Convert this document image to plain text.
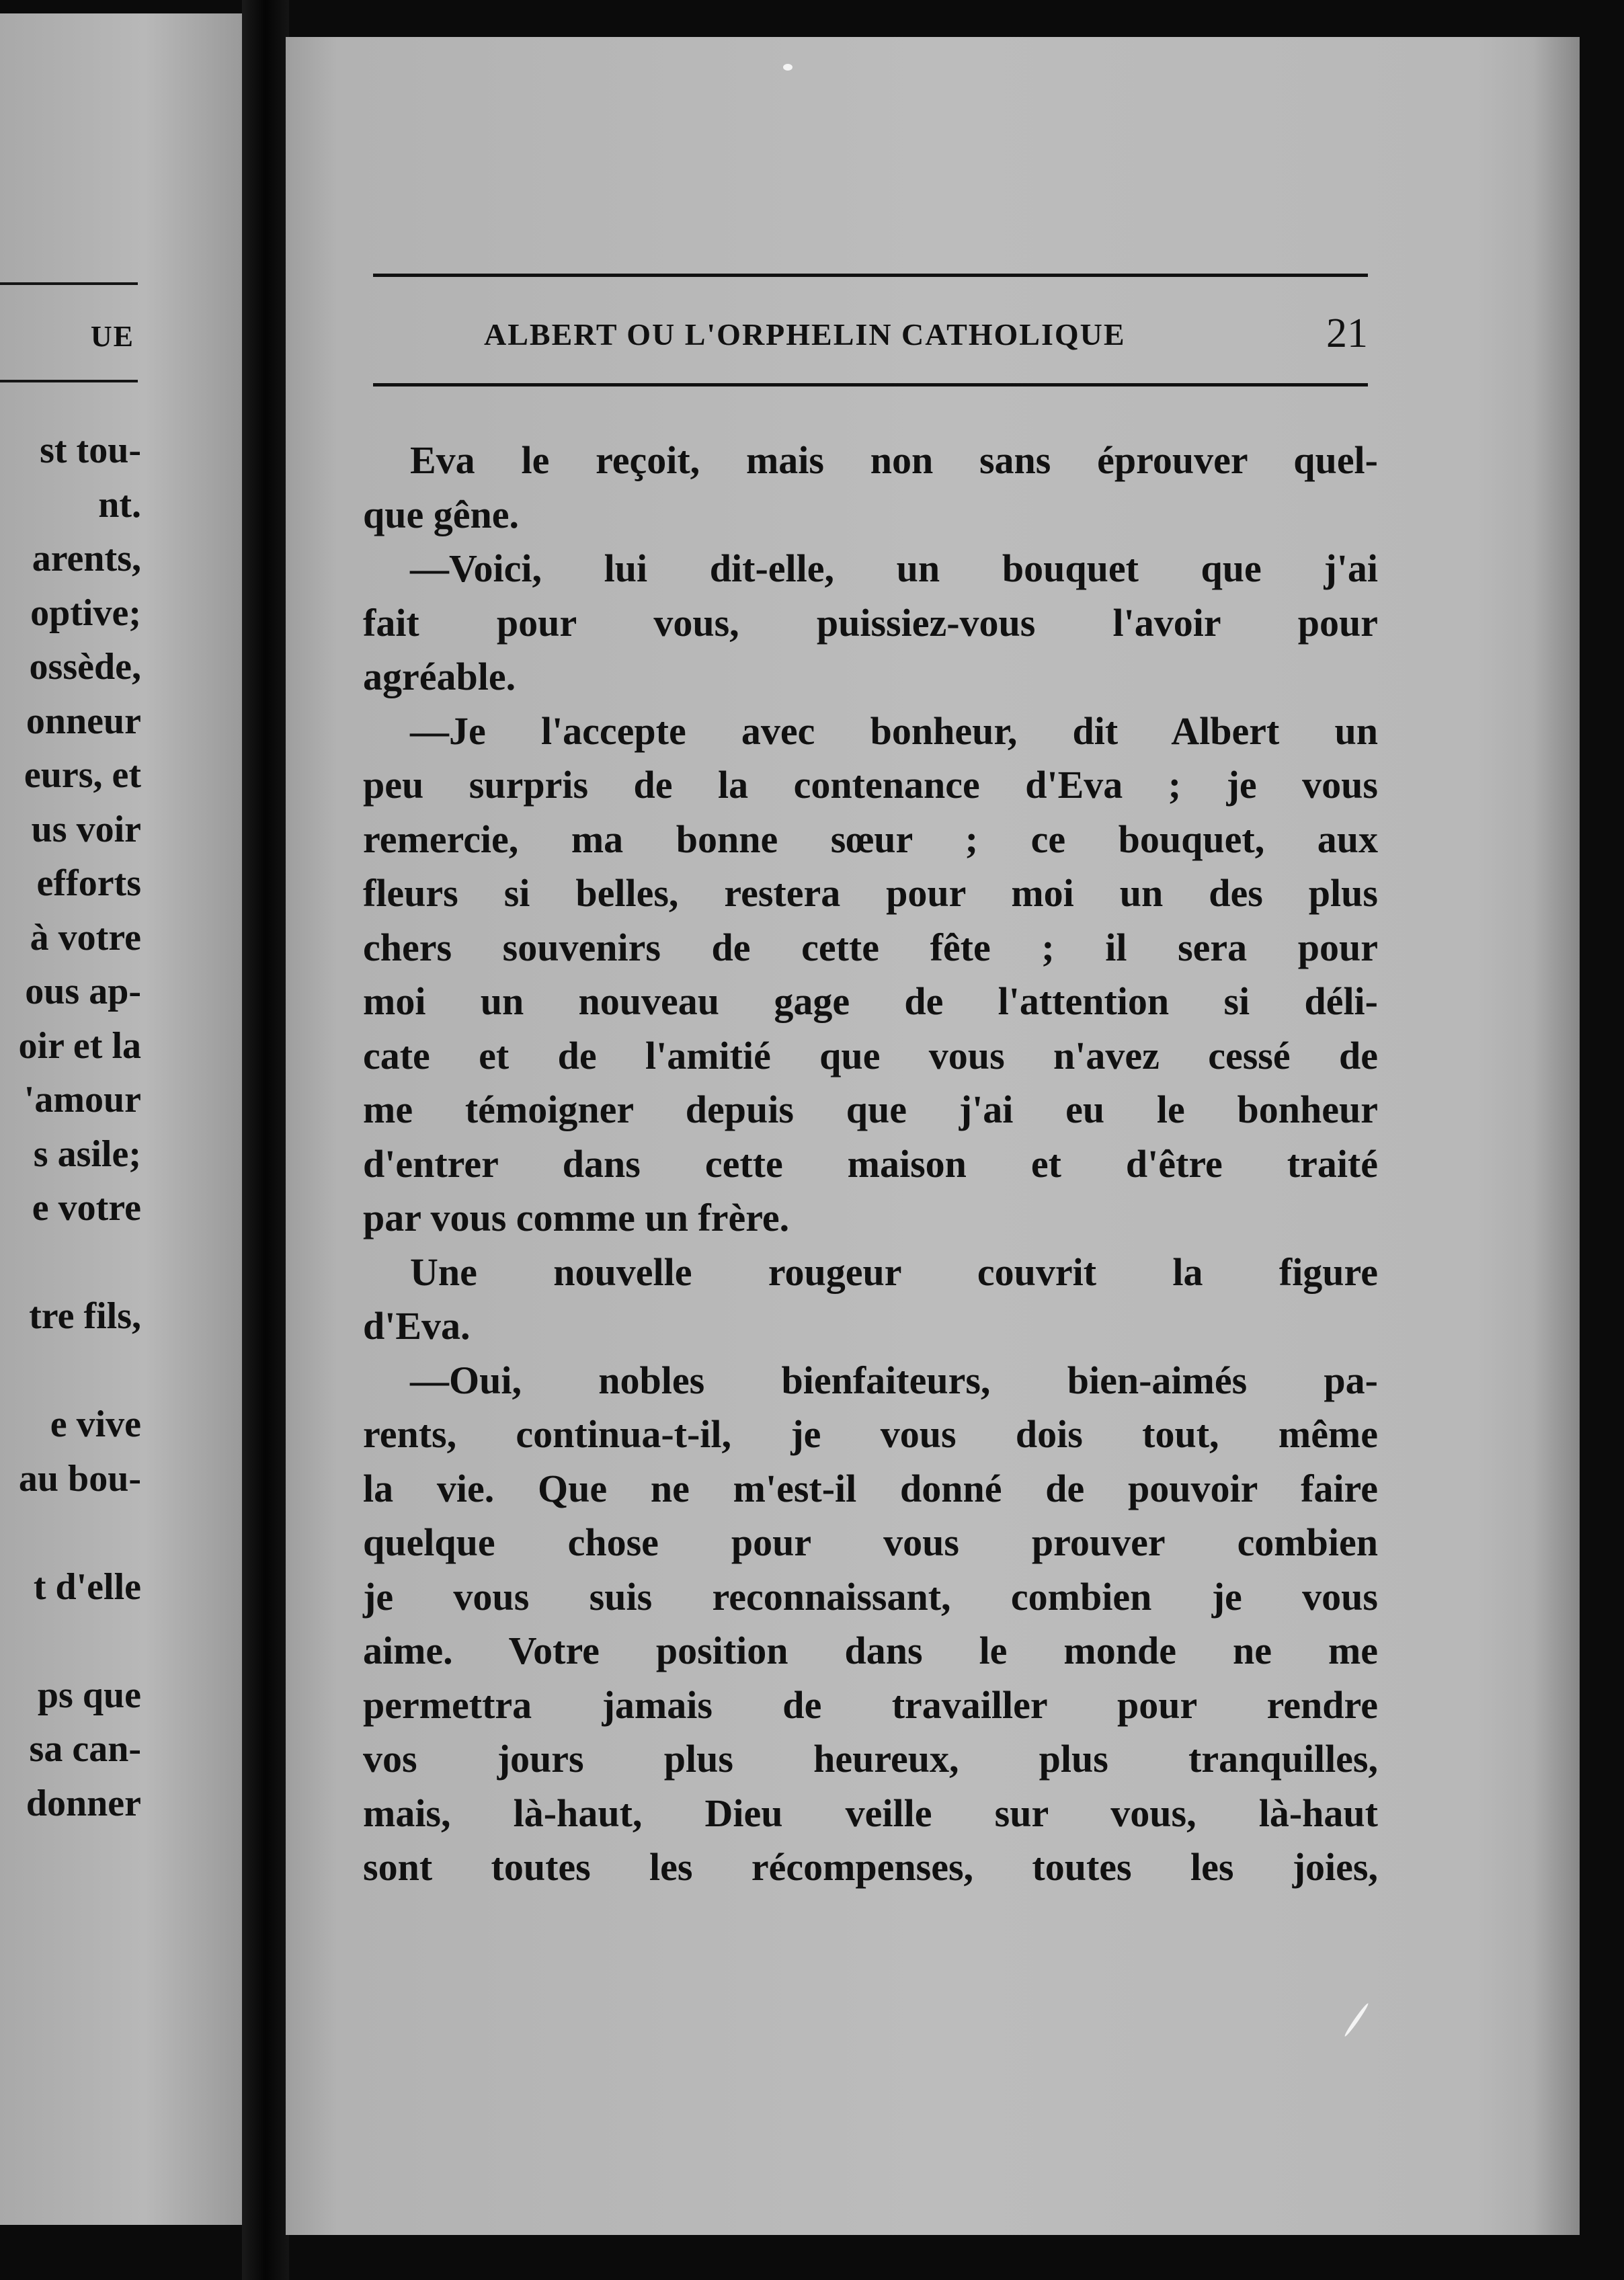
UE
st tou-
nt.
arents,
optive;
ossède,
onneur
eurs, et
us voir
efforts
à votre
ous ap-
oir et la
'amour
s asile;
e votre
tre fils,
e vive
au bou-
t d'elle
ps que
sa can-
donner
ALBERT OU L'ORPHELIN CATHOLIQUE	21
Eva le reçoit, mais non sans éprouver quel-
que gêne.
—Voici, lui dit-elle, un bouquet que j'ai
fait pour vous, puissiez-vous l'avoir pour
agréable.
—Je l'accepte avec bonheur, dit Albert un
peu surpris de la contenance d'Eva ; je vous
remercie, ma bonne sœur ; ce bouquet, aux
fleurs si belles, restera pour moi un des plus
chers souvenirs de cette fête ; il sera pour
moi un nouveau gage de l'attention si déli-
cate et de l'amitié que vous n'avez cessé de
me témoigner depuis que j'ai eu le bonheur
d'entrer dans cette maison et d'être traité
par vous comme un frère.
Une nouvelle rougeur couvrit la figure
d'Eva.
—Oui, nobles bienfaiteurs, bien-aimés pa-
rents, continua-t-il, je vous dois tout, même
la vie. Que ne m'est-il donné de pouvoir faire
quelque chose pour vous prouver combien
je vous suis reconnaissant, combien je vous
aime. Votre position dans le monde ne me
permettra jamais de travailler pour rendre
vos jours plus heureux, plus tranquilles,
mais, là-haut, Dieu veille sur vous, là-haut
sont toutes les récompenses, toutes les joies,
